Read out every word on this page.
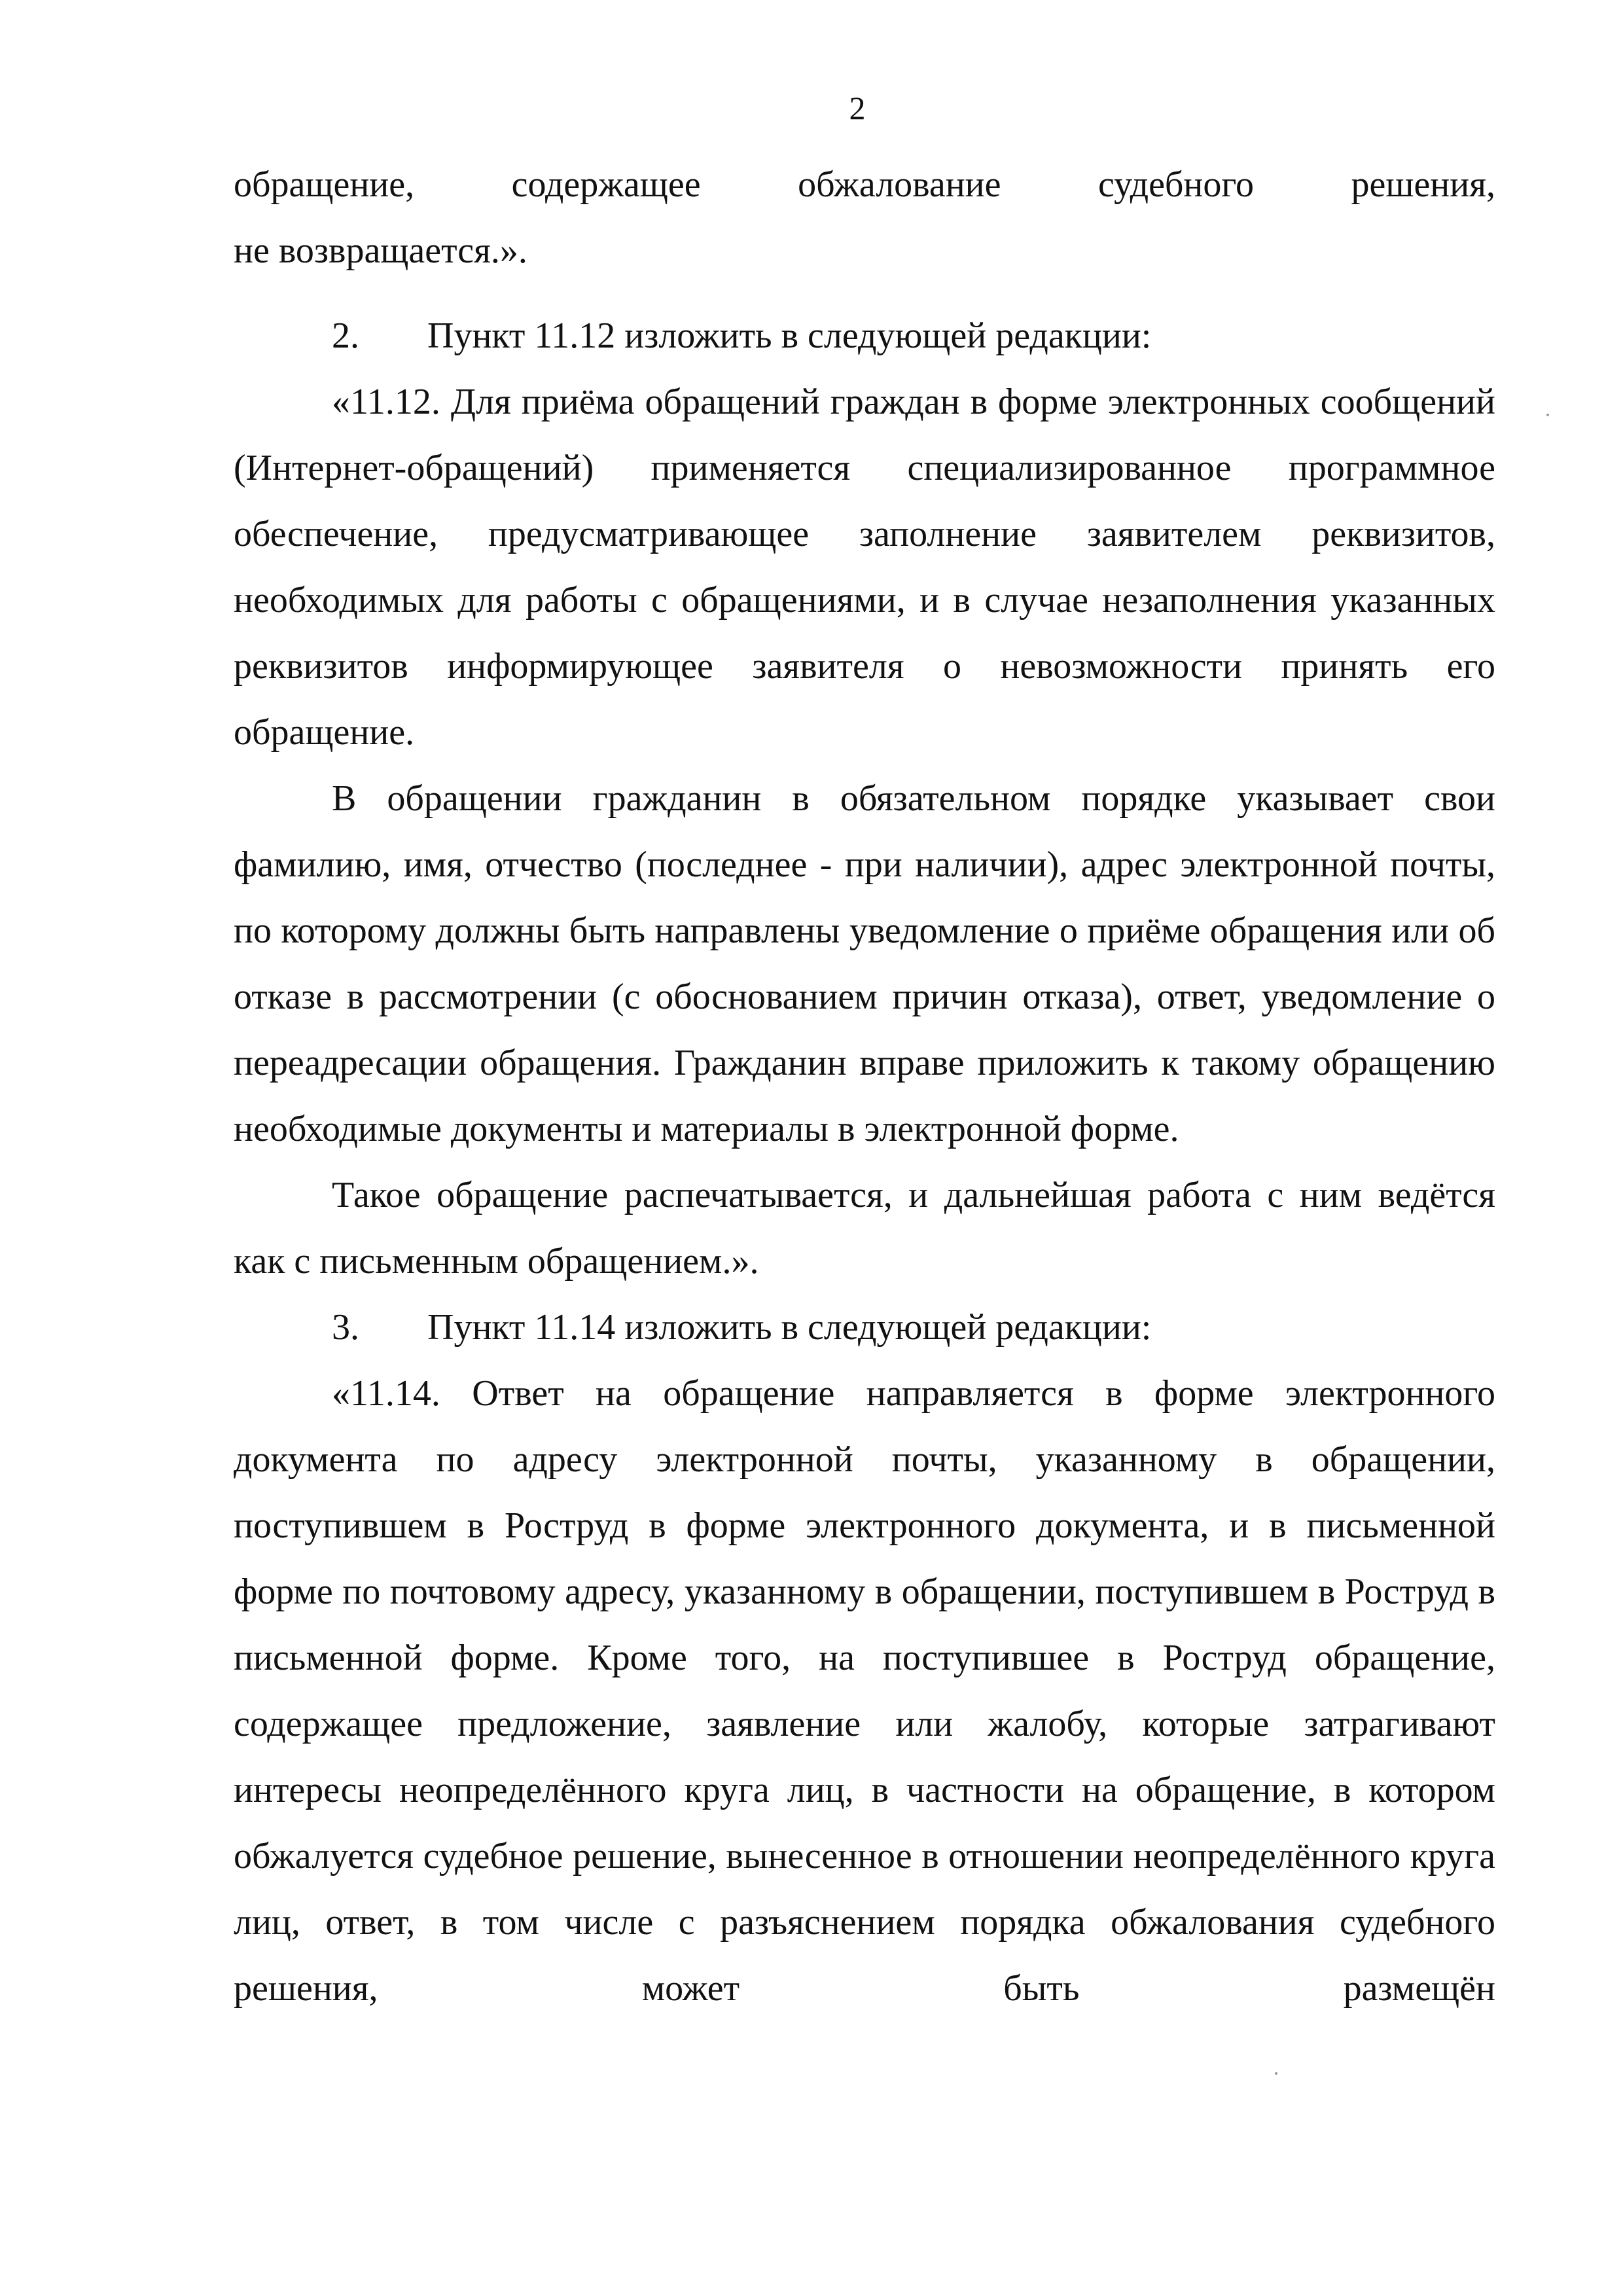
2

обращение, содержащее обжалование судебного решения,
не возвращается.».

2. Пункт 11.12 изложить в следующей редакции:

«11.12. Для приёма обращений граждан в форме электронных сообщений (Интернет-обращений) применяется специализированное программное обеспечение, предусматривающее заполнение заявителем реквизитов, необходимых для работы с обращениями, и в случае незаполнения указанных реквизитов информирующее заявителя о невозможности принять его обращение.

В обращении гражданин в обязательном порядке указывает свои фамилию, имя, отчество (последнее - при наличии), адрес электронной почты, по которому должны быть направлены уведомление о приёме обращения или об отказе в рассмотрении (с обоснованием причин отказа), ответ, уведомление о переадресации обращения. Гражданин вправе приложить к такому обращению необходимые документы и материалы в электронной форме.

Такое обращение распечатывается, и дальнейшая работа с ним ведётся как с письменным обращением.».

3. Пункт 11.14 изложить в следующей редакции:

«11.14. Ответ на обращение направляется в форме электронного документа по адресу электронной почты, указанному в обращении, поступившем в Роструд в форме электронного документа, и в письменной форме по почтовому адресу, указанному в обращении, поступившем в Роструд в письменной форме. Кроме того, на поступившее в Роструд обращение, содержащее предложение, заявление или жалобу, которые затрагивают интересы неопределённого круга лиц, в частности на обращение, в котором обжалуется судебное решение, вынесенное в отношении неопределённого круга лиц, ответ, в том числе с разъяснением порядка обжалования судебного решения, может быть размещён
